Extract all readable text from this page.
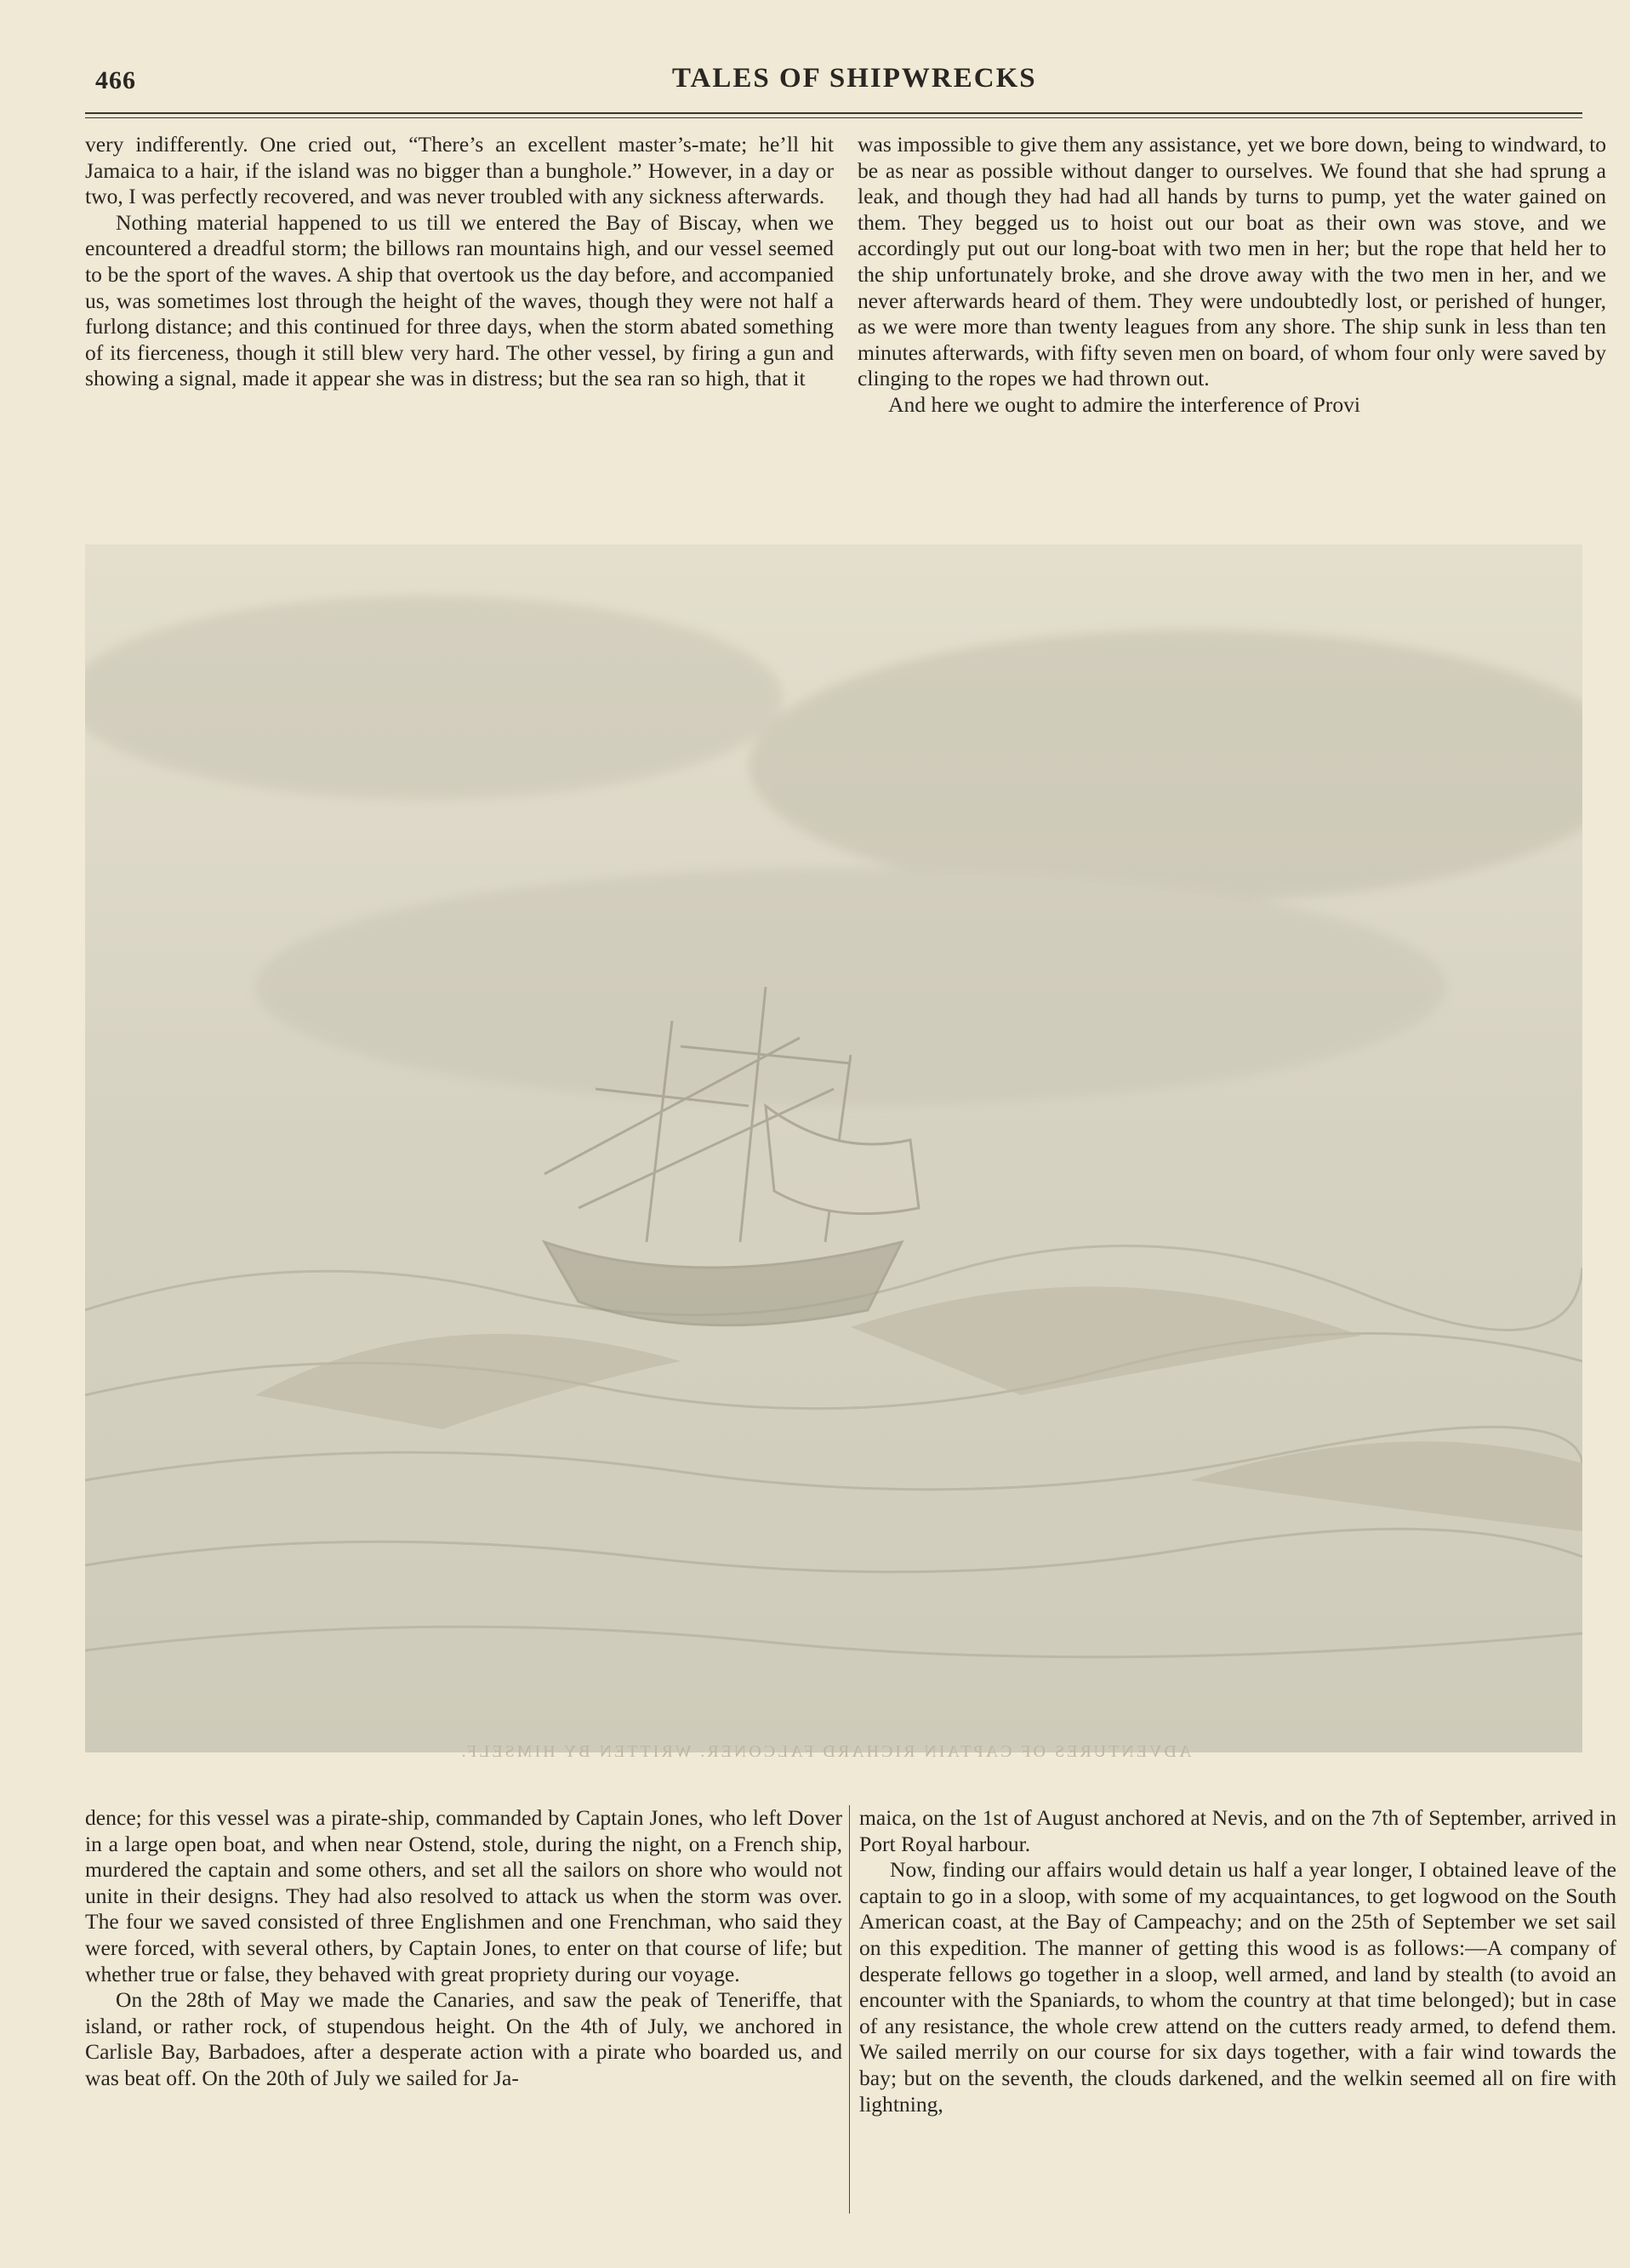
466	TALES OF SHIPWRECKS

very indifferently. One cried out, “There’s an excellent master’s-mate; he’ll hit Jamaica to a hair, if the island was no bigger than a bunghole.” However, in a day or two, I was perfectly recovered, and was never troubled with any sickness afterwards.

Nothing material happened to us till we entered the Bay of Biscay, when we encountered a dreadful storm; the billows ran mountains high, and our vessel seemed to be the sport of the waves. A ship that overtook us the day before, and accompanied us, was sometimes lost through the height of the waves, though they were not half a furlong distance; and this continued for three days, when the storm abated something of its fierceness, though it still blew very hard. The other vessel, by firing a gun and showing a signal, made it appear she was in distress; but the sea ran so high, that it

was impossible to give them any assistance, yet we bore down, being to windward, to be as near as possible without danger to ourselves. We found that she had sprung a leak, and though they had had all hands by turns to pump, yet the water gained on them. They begged us to hoist out our boat as their own was stove, and we accordingly put out our long-boat with two men in her; but the rope that held her to the ship unfortunately broke, and she drove away with the two men in her, and we never afterwards heard of them. They were undoubtedly lost, or perished of hunger, as we were more than twenty leagues from any shore. The ship sunk in less than ten minutes afterwards, with fifty seven men on board, of whom four only were saved by clinging to the ropes we had thrown out.

And here we ought to admire the interference of Provi

ADVENTURES OF CAPTAIN RICHARD FALCONER. WRITTEN BY HIMSELF.

dence; for this vessel was a pirate-ship, commanded by Captain Jones, who left Dover in a large open boat, and when near Ostend, stole, during the night, on a French ship, murdered the captain and some others, and set all the sailors on shore who would not unite in their designs. They had also resolved to attack us when the storm was over. The four we saved consisted of three Englishmen and one Frenchman, who said they were forced, with several others, by Captain Jones, to enter on that course of life; but whether true or false, they behaved with great propriety during our voyage.

On the 28th of May we made the Canaries, and saw the peak of Teneriffe, that island, or rather rock, of stupendous height. On the 4th of July, we anchored in Carlisle Bay, Barbadoes, after a desperate action with a pirate who boarded us, and was beat off. On the 20th of July we sailed for Ja-

maica, on the 1st of August anchored at Nevis, and on the 7th of September, arrived in Port Royal harbour.

Now, finding our affairs would detain us half a year longer, I obtained leave of the captain to go in a sloop, with some of my acquaintances, to get logwood on the South American coast, at the Bay of Campeachy; and on the 25th of September we set sail on this expedition. The manner of getting this wood is as follows:—A company of desperate fellows go together in a sloop, well armed, and land by stealth (to avoid an encounter with the Spaniards, to whom the country at that time belonged); but in case of any resistance, the whole crew attend on the cutters ready armed, to defend them. We sailed merrily on our course for six days together, with a fair wind towards the bay; but on the seventh, the clouds darkened, and the welkin seemed all on fire with lightning,
